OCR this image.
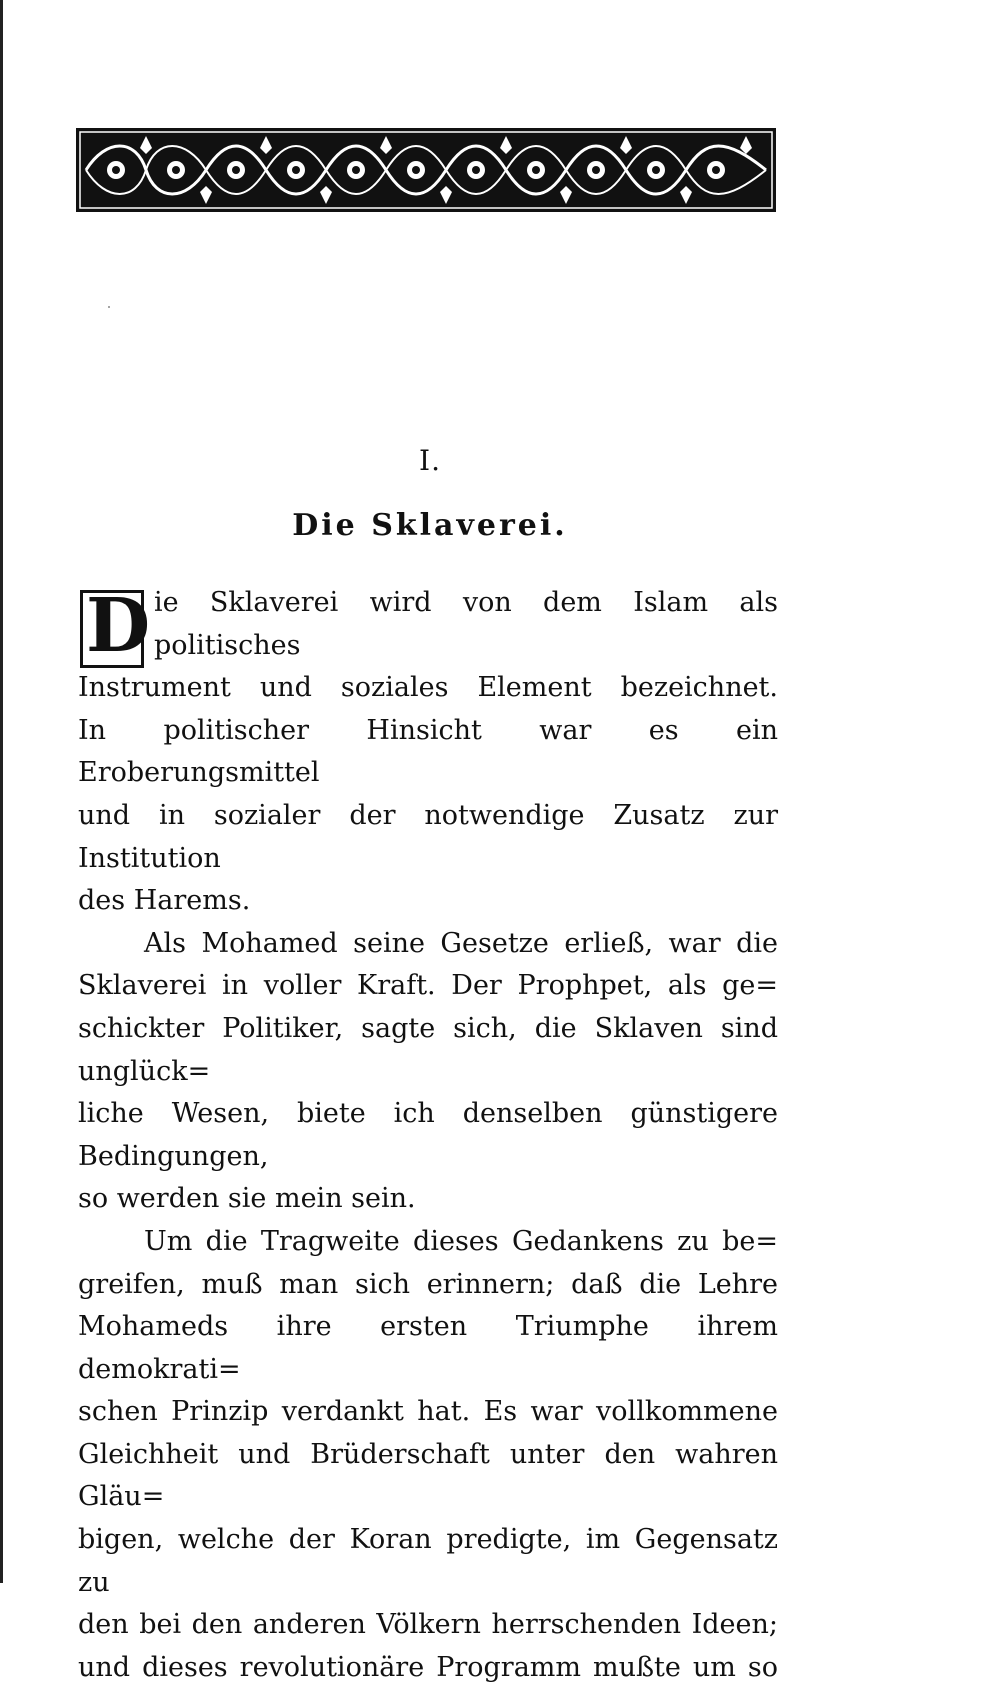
I.
Die Sklaverei.
D ie Sklaverei wird von dem Islam als politisches

Instrument und soziales Element bezeichnet.

In politischer Hinsicht war es ein Eroberungsmittel

und in sozialer der notwendige Zusatz zur Institution

des Harems.

Als Mohamed seine Gesetze erließ, war die

Sklaverei in voller Kraft. Der Prophpet, als ge=

schickter Politiker, sagte sich, die Sklaven sind unglück=

liche Wesen, biete ich denselben günstigere Bedingungen,

so werden sie mein sein.

Um die Tragweite dieses Gedankens zu be=

greifen, muß man sich erinnern; daß die Lehre

Mohameds ihre ersten Triumphe ihrem demokrati=

schen Prinzip verdankt hat. Es war vollkommene

Gleichheit und Brüderschaft unter den wahren Gläu=

bigen, welche der Koran predigte, im Gegensatz zu

den bei den anderen Völkern herrschenden Ideen;

und dieses revolutionäre Programm mußte um so
